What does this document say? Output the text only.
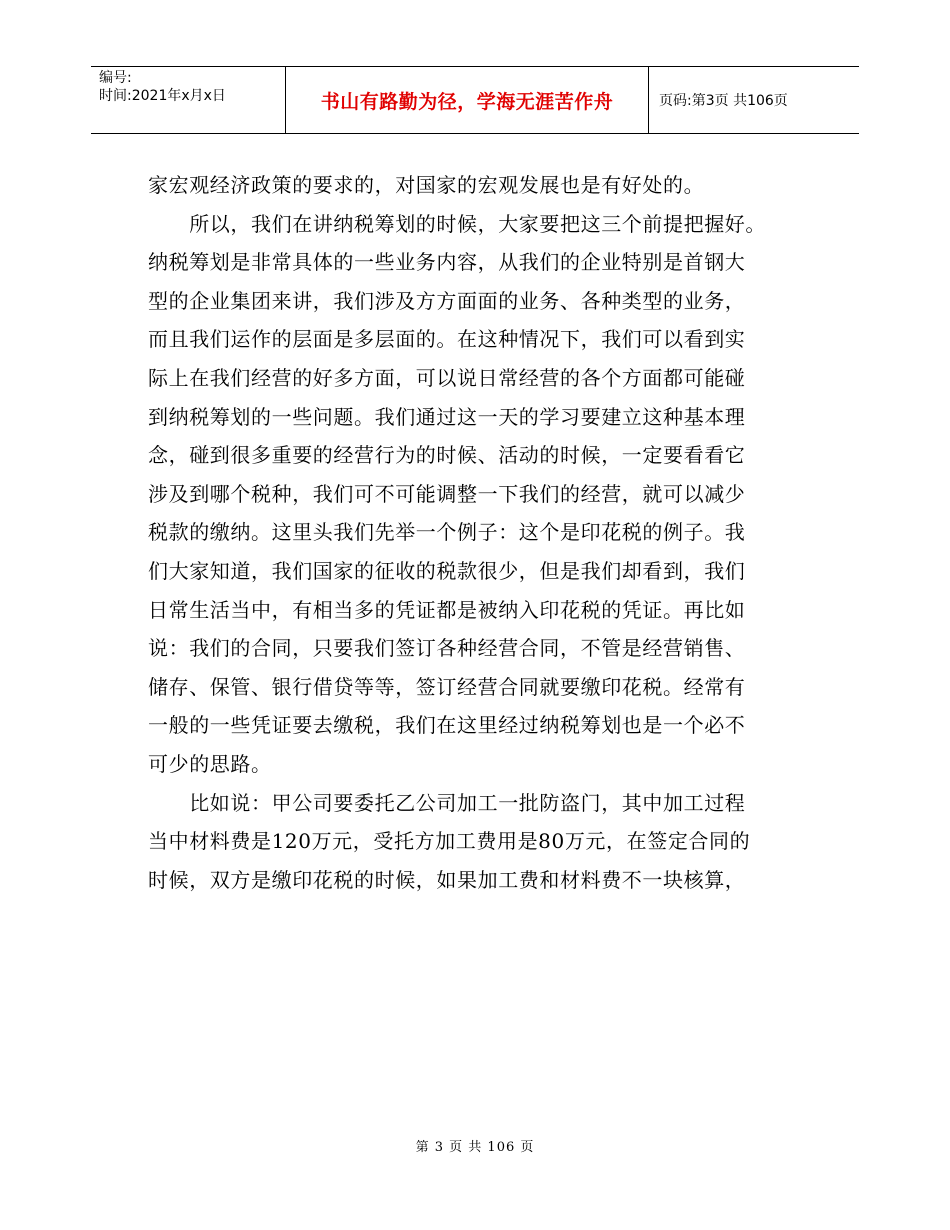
编号:
时间:2021年x月x日	书山有路勤为径，学海无涯苦作舟	页码:第3页 共106页
家宏观经济政策的要求的，对国家的宏观发展也是有好处的。
　　所以，我们在讲纳税筹划的时候，大家要把这三个前提把握好。
纳税筹划是非常具体的一些业务内容，从我们的企业特别是首钢大
型的企业集团来讲，我们涉及方方面面的业务、各种类型的业务，
而且我们运作的层面是多层面的。在这种情况下，我们可以看到实
际上在我们经营的好多方面，可以说日常经营的各个方面都可能碰
到纳税筹划的一些问题。我们通过这一天的学习要建立这种基本理
念，碰到很多重要的经营行为的时候、活动的时候，一定要看看它
涉及到哪个税种，我们可不可能调整一下我们的经营，就可以减少
税款的缴纳。这里头我们先举一个例子：这个是印花税的例子。我
们大家知道，我们国家的征收的税款很少，但是我们却看到，我们
日常生活当中，有相当多的凭证都是被纳入印花税的凭证。再比如
说：我们的合同，只要我们签订各种经营合同，不管是经营销售、
储存、保管、银行借贷等等，签订经营合同就要缴印花税。经常有
一般的一些凭证要去缴税，我们在这里经过纳税筹划也是一个必不
可少的思路。
　　比如说：甲公司要委托乙公司加工一批防盗门，其中加工过程
当中材料费是120万元，受托方加工费用是80万元，在签定合同的
时候，双方是缴印花税的时候，如果加工费和材料费不一块核算，
第 3 页 共 106 页
